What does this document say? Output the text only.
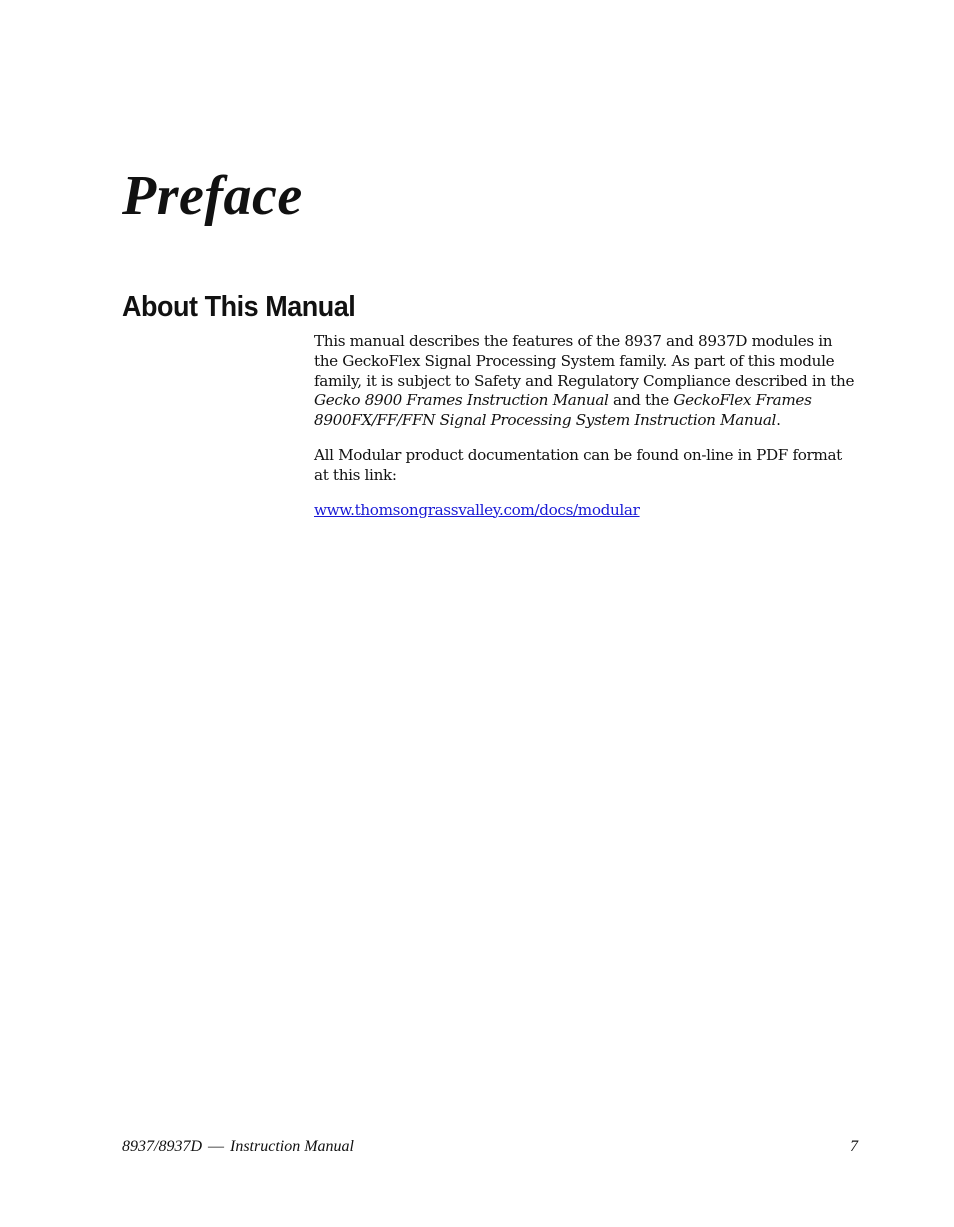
Preface
About This Manual

This manual describes the features of the 8937 and 8937D modules in the GeckoFlex Signal Processing System family. As part of this module family, it is subject to Safety and Regulatory Compliance described in the Gecko 8900 Frames Instruction Manual and the GeckoFlex Frames 8900FX/FF/FFN Signal Processing System Instruction Manual.

All Modular product documentation can be found on-line in PDF format at this link:

www.thomsongrassvalley.com/docs/modular

8937/8937D — Instruction Manual	7
